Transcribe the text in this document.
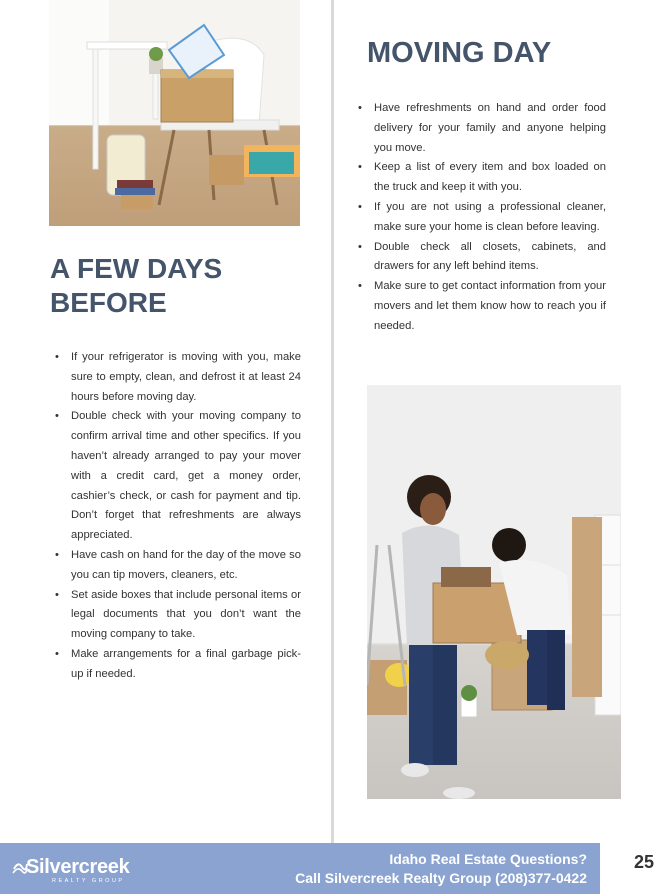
A FEW DAYS BEFORE
• If your refrigerator is moving with you, make sure to empty, clean, and defrost it at least 24 hours before moving day.
• Double check with your moving company to confirm arrival time and other specifics. If you haven’t already arranged to pay your mover with a credit card, get a money order, cashier’s check, or cash for payment and tip. Don’t forget that refreshments are always appreciated.
• Have cash on hand for the day of the move so you can tip movers, cleaners, etc.
• Set aside boxes that include personal items or legal documents that you don’t want the moving company to take.
• Make arrangements for a final garbage pick-up if needed.
MOVING DAY
• Have refreshments on hand and order food delivery for your family and anyone helping you move.
• Keep a list of every item and box loaded on the truck and keep it with you.
• If you are not using a professional cleaner, make sure your home is clean before leaving.
• Double check all closets, cabinets, and drawers for any left behind items.
• Make sure to get contact information from your movers and let them know how to reach you if needed.
Silvercreek
REALTY GROUP
Idaho Real Estate Questions?
Call Silvercreek Realty Group (208)377-0422
25
